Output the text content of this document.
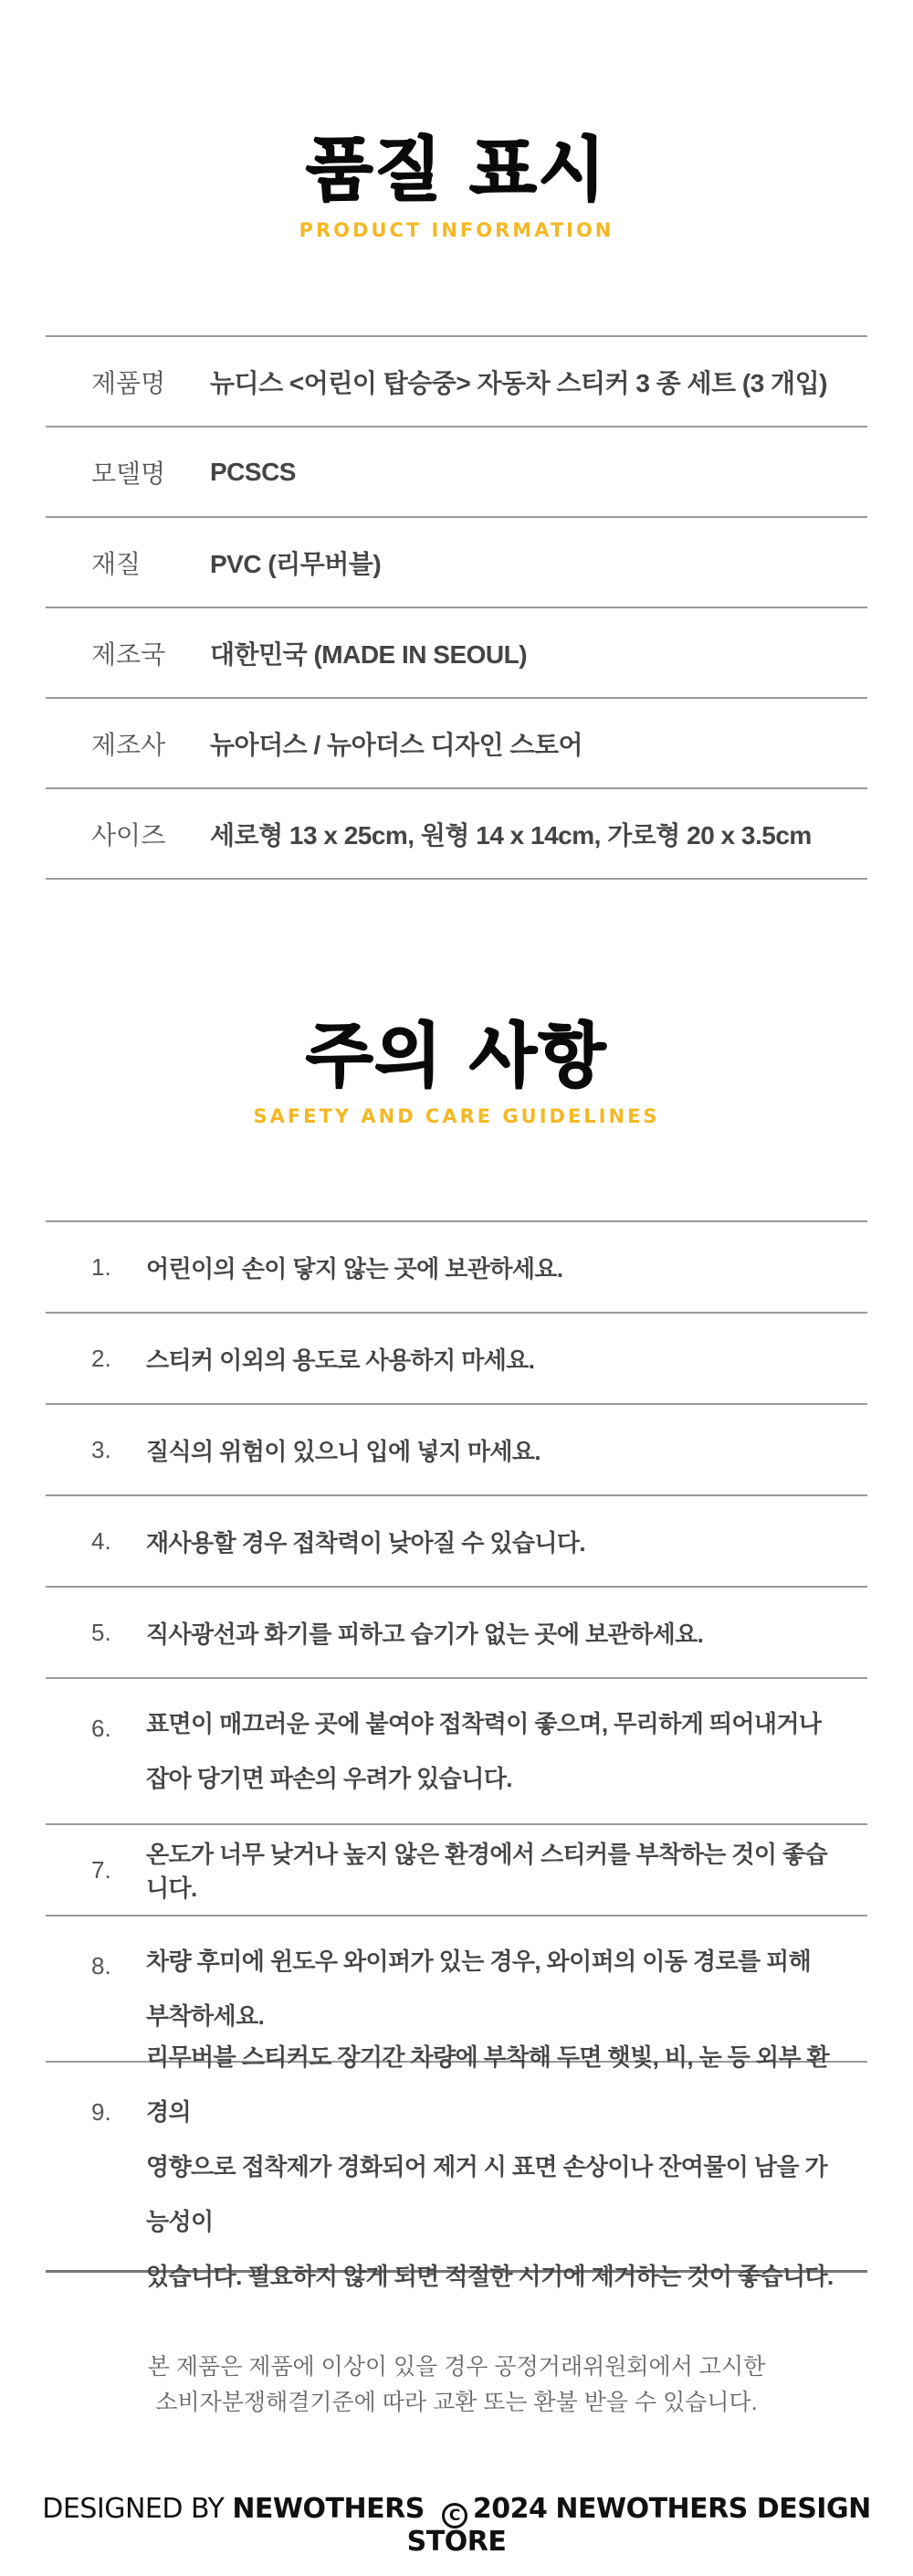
품질 표시
PRODUCT INFORMATION
제품명	뉴디스 <어린이 탑승중> 자동차 스티커 3 종 세트 (3 개입)
모델명	PCSCS
재질	PVC (리무버블)
제조국	대한민국 (MADE IN SEOUL)
제조사	뉴아더스 / 뉴아더스 디자인 스토어
사이즈	세로형 13 x 25cm, 원형 14 x 14cm, 가로형 20 x 3.5cm
주의 사항
SAFETY AND CARE GUIDELINES
1.	어린이의 손이 닿지 않는 곳에 보관하세요.
2.	스티커 이외의 용도로 사용하지 마세요.
3.	질식의 위험이 있으니 입에 넣지 마세요.
4.	재사용할 경우 접착력이 낮아질 수 있습니다.
5.	직사광선과 화기를 피하고 습기가 없는 곳에 보관하세요.
6.	표면이 매끄러운 곳에 붙여야 접착력이 좋으며, 무리하게 띄어내거나
잡아 당기면 파손의 우려가 있습니다.
7.
온도가 너무 낮거나 높지 않은 환경에서 스티커를 부착하는 것이 좋습니다.
8.	차량 후미에 윈도우 와이퍼가 있는 경우, 와이퍼의 이동 경로를 피해
부착하세요.
9.
리무버블 스티커도 장기간 차량에 부착해 두면 햇빛, 비, 눈 등 외부 환경의
영향으로 접착제가 경화되어 제거 시 표면 손상이나 잔여물이 남을 가능성이
있습니다. 필요하지 않게 되면 적절한 시기에 제거하는 것이 좋습니다.
본 제품은 제품에 이상이 있을 경우 공정거래위원회에서 고시한
소비자분쟁해결기준에 따라 교환 또는 환불 받을 수 있습니다.
DESIGNED BY NEWOTHERS C 2024 NEWOTHERS DESIGN STORE
